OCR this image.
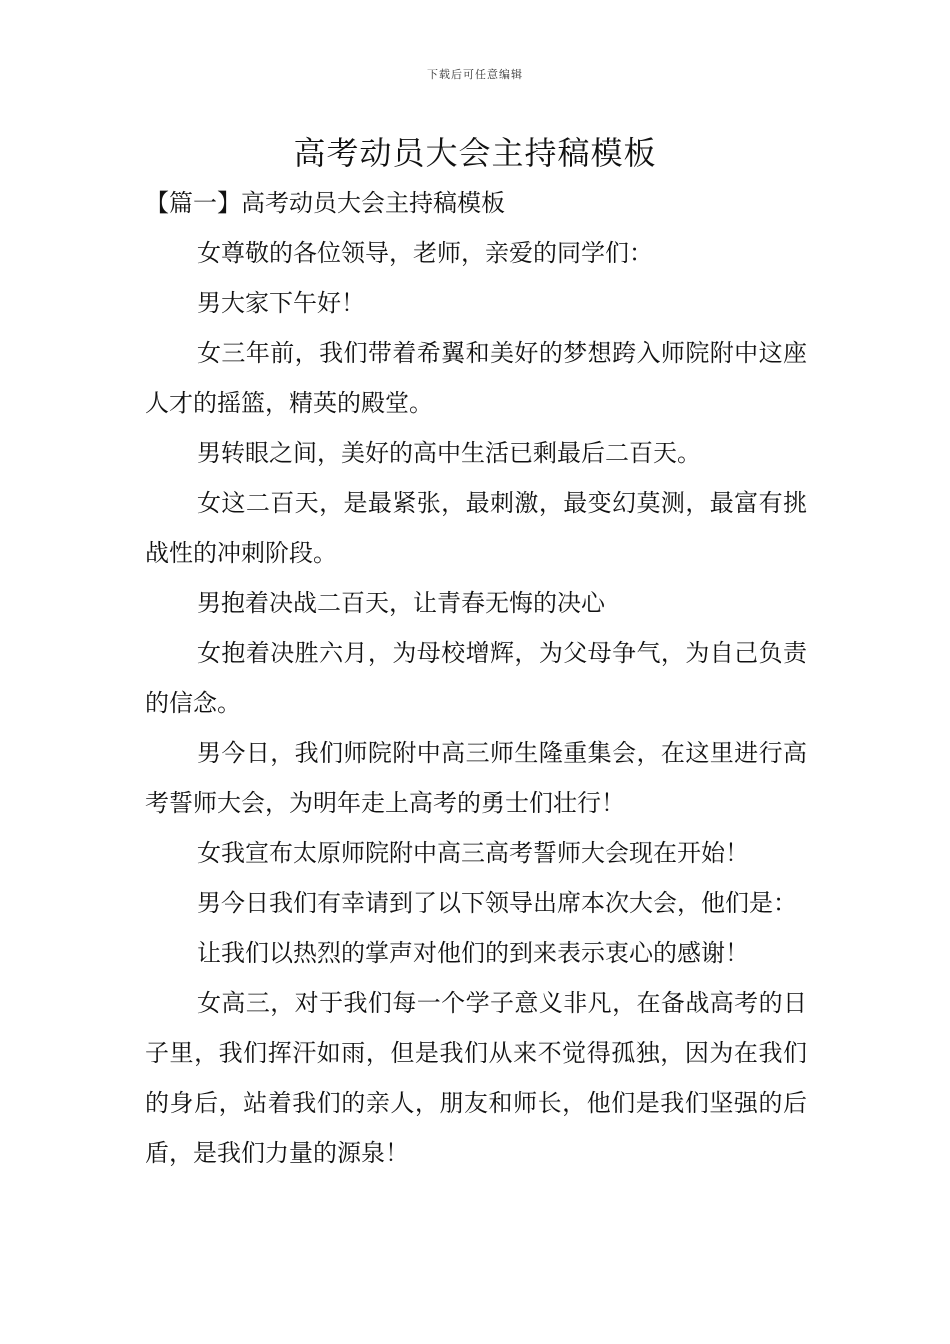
下载后可任意编辑
高考动员大会主持稿模板

【篇一】高考动员大会主持稿模板

女尊敬的各位领导，老师，亲爱的同学们：

男大家下午好！

女三年前，我们带着希翼和美好的梦想跨入师院附中这座人才的摇篮，精英的殿堂。

男转眼之间，美好的高中生活已剩最后二百天。

女这二百天，是最紧张，最刺激，最变幻莫测，最富有挑战性的冲刺阶段。

男抱着决战二百天，让青春无悔的决心

女抱着决胜六月，为母校增辉，为父母争气，为自己负责的信念。

男今日，我们师院附中高三师生隆重集会，在这里进行高考誓师大会，为明年走上高考的勇士们壮行！

女我宣布太原师院附中高三高考誓师大会现在开始！

男今日我们有幸请到了以下领导出席本次大会，他们是：

让我们以热烈的掌声对他们的到来表示衷心的感谢！

女高三，对于我们每一个学子意义非凡，在备战高考的日子里，我们挥汗如雨，但是我们从来不觉得孤独，因为在我们的身后，站着我们的亲人，朋友和师长，他们是我们坚强的后盾，是我们力量的源泉！
